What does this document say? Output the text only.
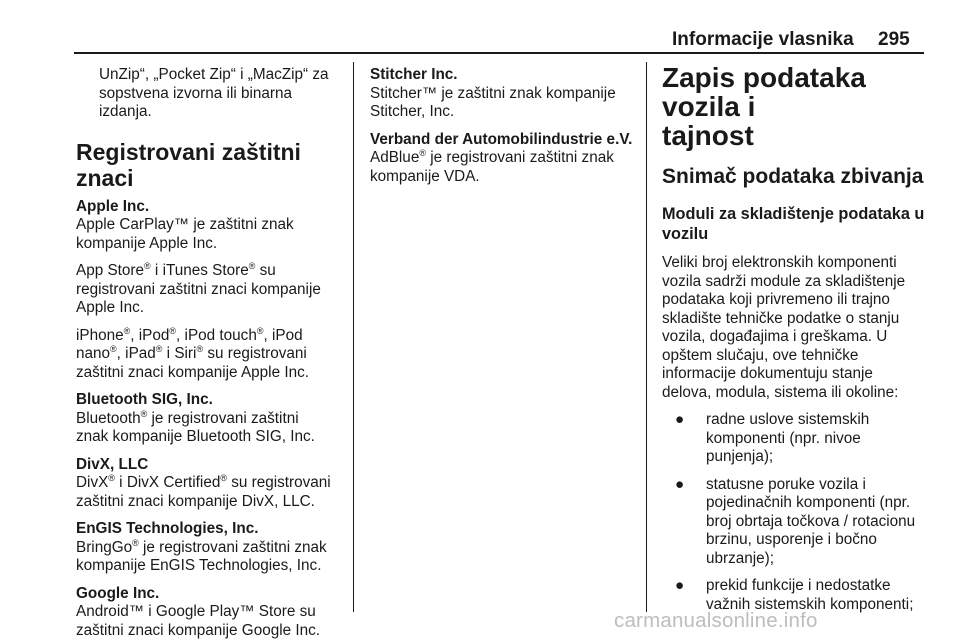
Informacije vlasnika 295
UnZip“, „Pocket Zip“ i „MacZip“ za
sopstvena izvorna ili binarna
izdanja.
Registrovani zaštitni znaci
Apple Inc.

Apple CarPlay™ je zaštitni znak
kompanije Apple Inc.

App Store® i iTunes Store® su
registrovani zaštitni znaci kompanije
Apple Inc.

iPhone®, iPod®, iPod touch®, iPod
nano®, iPad® i Siri® su registrovani
zaštitni znaci kompanije Apple Inc.

Bluetooth SIG, Inc.

Bluetooth® je registrovani zaštitni
znak kompanije Bluetooth SIG, Inc.

DivX, LLC

DivX® i DivX Certified® su registrovani
zaštitni znaci kompanije DivX, LLC.

EnGIS Technologies, Inc.

BringGo® je registrovani zaštitni znak
kompanije EnGIS Technologies, Inc.

Google Inc.

Android™ i Google Play™ Store su
zaštitni znaci kompanije Google Inc.

Stitcher Inc.

Stitcher™ je zaštitni znak kompanije
Stitcher, Inc.

Verband der Automobilindustrie e.V.

AdBlue® je registrovani zaštitni znak
kompanije VDA.

Zapis podataka vozila i
tajnost
Snimač podataka zbivanja
Moduli za skladištenje podataka u
vozilu

Veliki broj elektronskih komponenti
vozila sadrži module za skladištenje
podataka koji privremeno ili trajno
skladište tehničke podatke o stanju
vozila, događajima i greškama. U
opštem slučaju, ove tehničke
informacije dokumentuju stanje
delova, modula, sistema ili okoline:

● radne uslove sistemskih
komponenti (npr. nivoe
punjenja);
● statusne poruke vozila i
pojedinačnih komponenti (npr.
broj obrtaja točkova / rotacionu
brzinu, usporenje i bočno
ubrzanje);
● prekid funkcije i nedostatke
važnih sistemskih komponenti;
carmanualsonline.info
